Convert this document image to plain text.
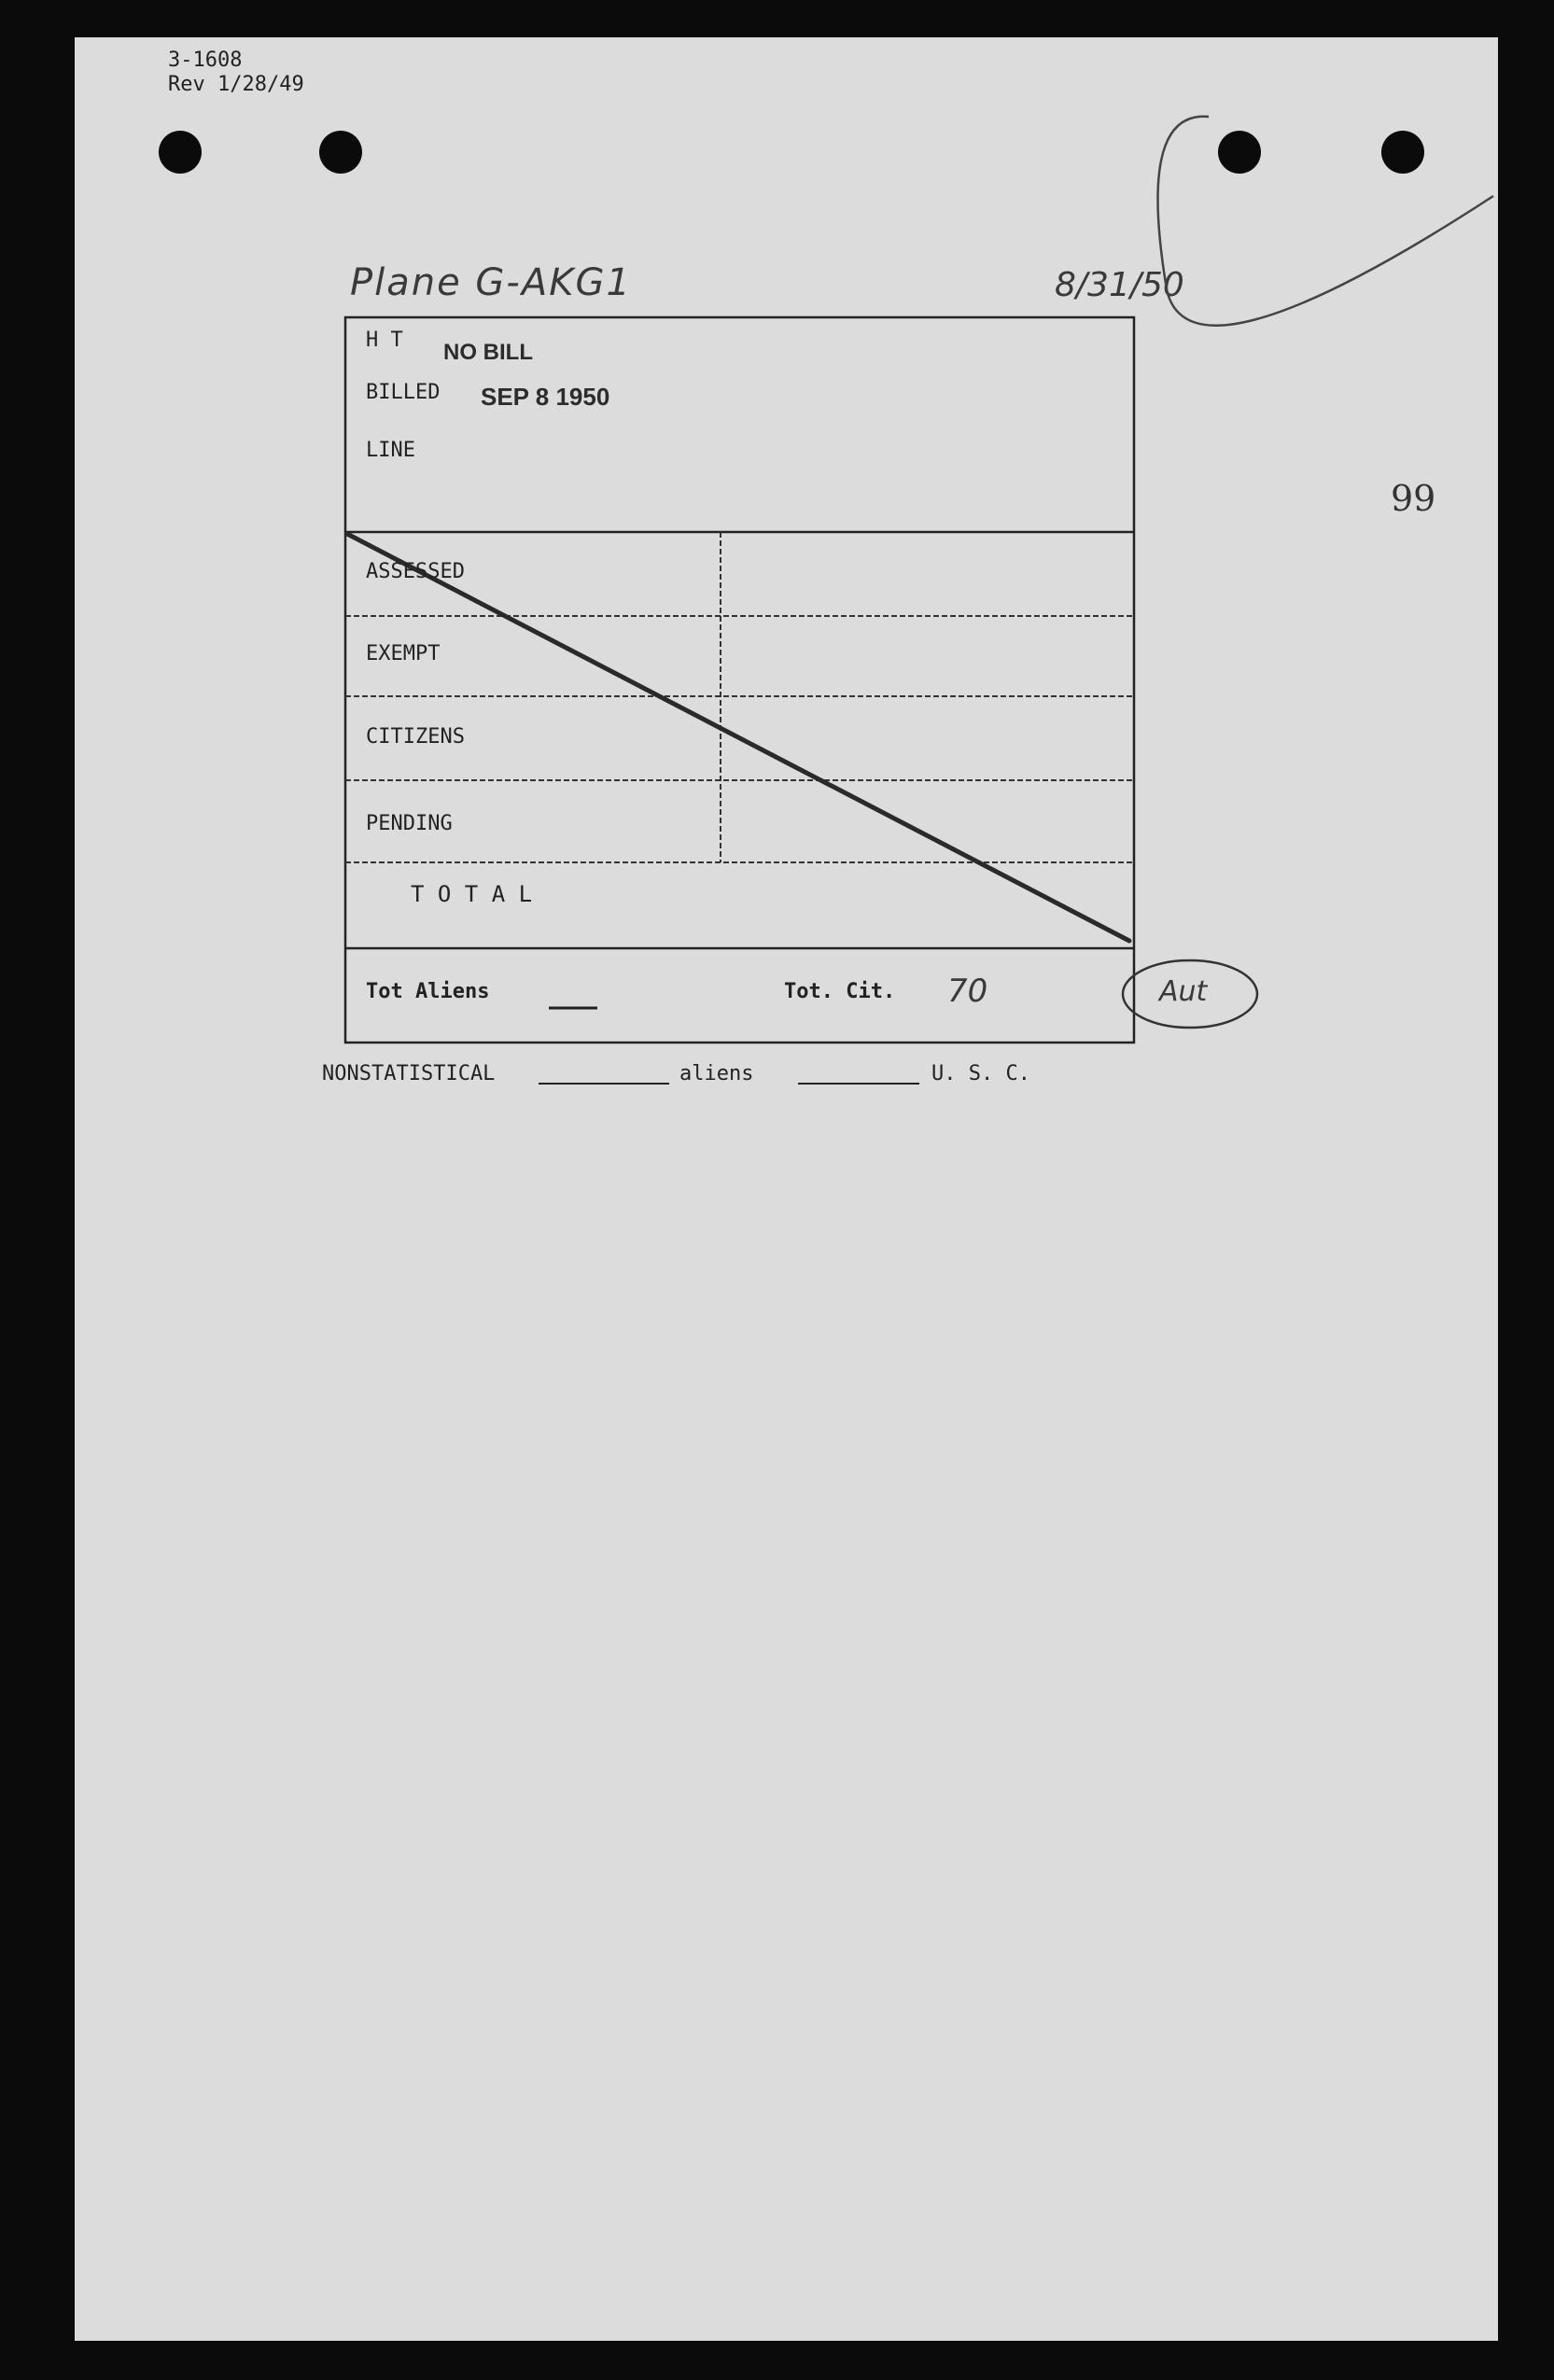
3-1608
Rev 1/28/49
Plane G-AKG1	8/31/50
99
H T NO BILL
BILLED SEP 8 1950
LINE
ASSESSED
EXEMPT
CITIZENS
PENDING
T O T A L
Tot Aliens	Tot. Cit. 70	Aut
NONSTATISTICAL	aliens	U. S. C.
